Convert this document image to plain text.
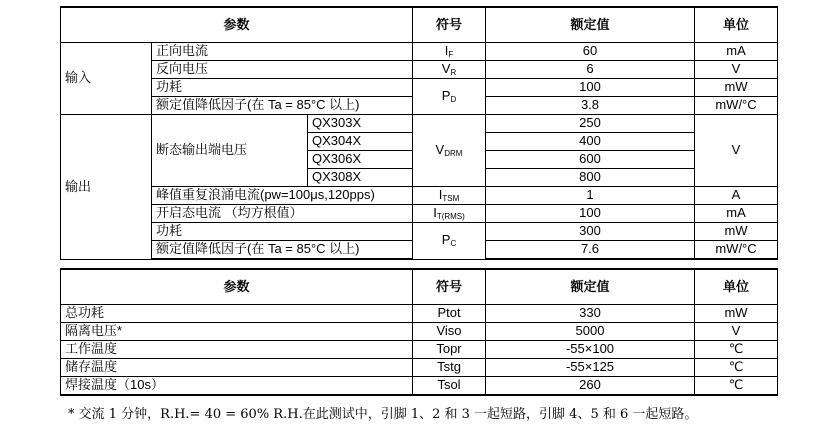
参数			符号	额定值	单位
输入	正向电流		$I_F$	60	mA
	反向电压		$V_R$	6	V
	功耗		$P_D$	100	mW
	额定值降低因子(在 Ta = 85°C 以上)			3.8	mW/°C
输出	断态输出端电压	QX303X	$V_{DRM}$	250	V
		QX304X		400	
		QX306X		600	
		QX308X		800	
	峰值重复浪涌电流(pw=100μs,120pps)		$I_{TSM}$	1	A
	开启态电流 （均方根值）		$I_{T(RMS)}$	100	mA
	功耗		$P_C$	300	mW
	额定值降低因子(在 Ta = 85°C 以上)			7.6	mW/°C
参数	符号	额定值	单位
总功耗	Ptot	330	mW
隔离电压*	Viso	5000	V
工作温度	Topr	-55×100	℃
储存温度	Tstg	-55×125	℃
焊接温度（10s）	Tsol	260	℃
* 交流 1 分钟，R.H.= 40 = 60% R.H.在此测试中，引脚 1、2 和 3 一起短路，引脚 4、5 和 6 一起短路。
